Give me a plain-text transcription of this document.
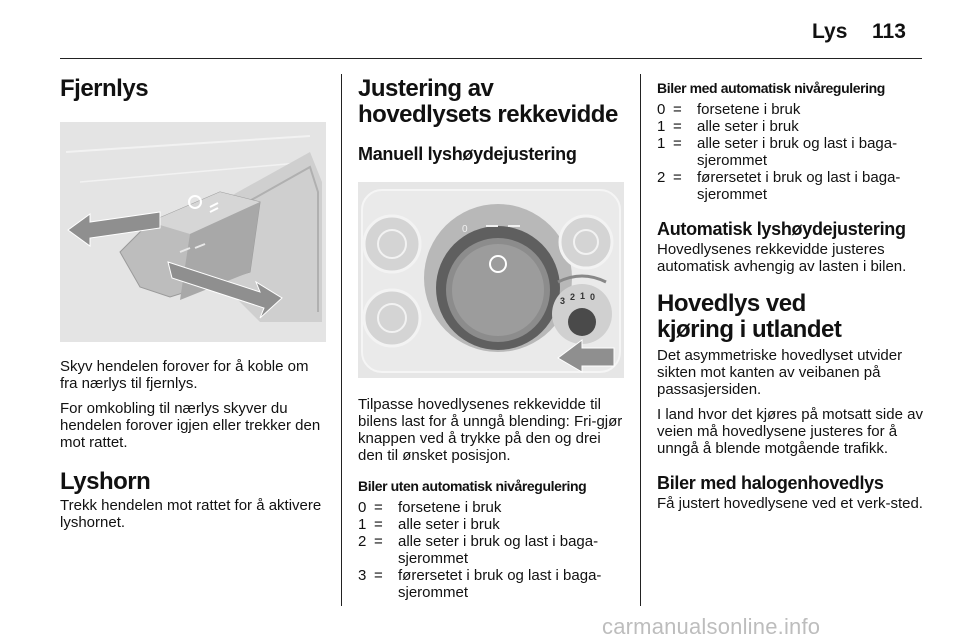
Lys 113
Fjernlys

Skyv hendelen forover for å koble om fra nærlys til fjernlys.

For omkobling til nærlys skyver du hendelen forover igjen eller trekker den mot rattet.

Lyshorn

Trekk hendelen mot rattet for å aktivere lyshornet.

Justering av hovedlysets rekkevidde
Manuell lyshøydejustering
0
3 2 1 0

Tilpasse hovedlysenes rekkevidde til bilens last for å unngå blending: Fri-gjør knappen ved å trykke på den og drei den til ønsket posisjon.

Biler uten automatisk nivåregulering
0 =	forsetene i bruk
1 =	alle seter i bruk
2 =	alle seter i bruk og last i baga-sjerommet
3 =	førersetet i bruk og last i baga-sjerommet
Biler med automatisk nivåregulering
0 =	forsetene i bruk
1 =	alle seter i bruk
1 =	alle seter i bruk og last i baga-sjerommet
2 =	førersetet i bruk og last i baga-sjerommet
Automatisk lyshøydejustering

Hovedlysenes rekkevidde justeres automatisk avhengig av lasten i bilen.

Hovedlys ved kjøring i utlandet

Det asymmetriske hovedlyset utvider sikten mot kanten av veibanen på passasjersiden.

I land hvor det kjøres på motsatt side av veien må hovedlysene justeres for å unngå å blende motgående trafikk.

Biler med halogenhovedlys

Få justert hovedlysene ved et verk-sted.

carmanualsonline.info
